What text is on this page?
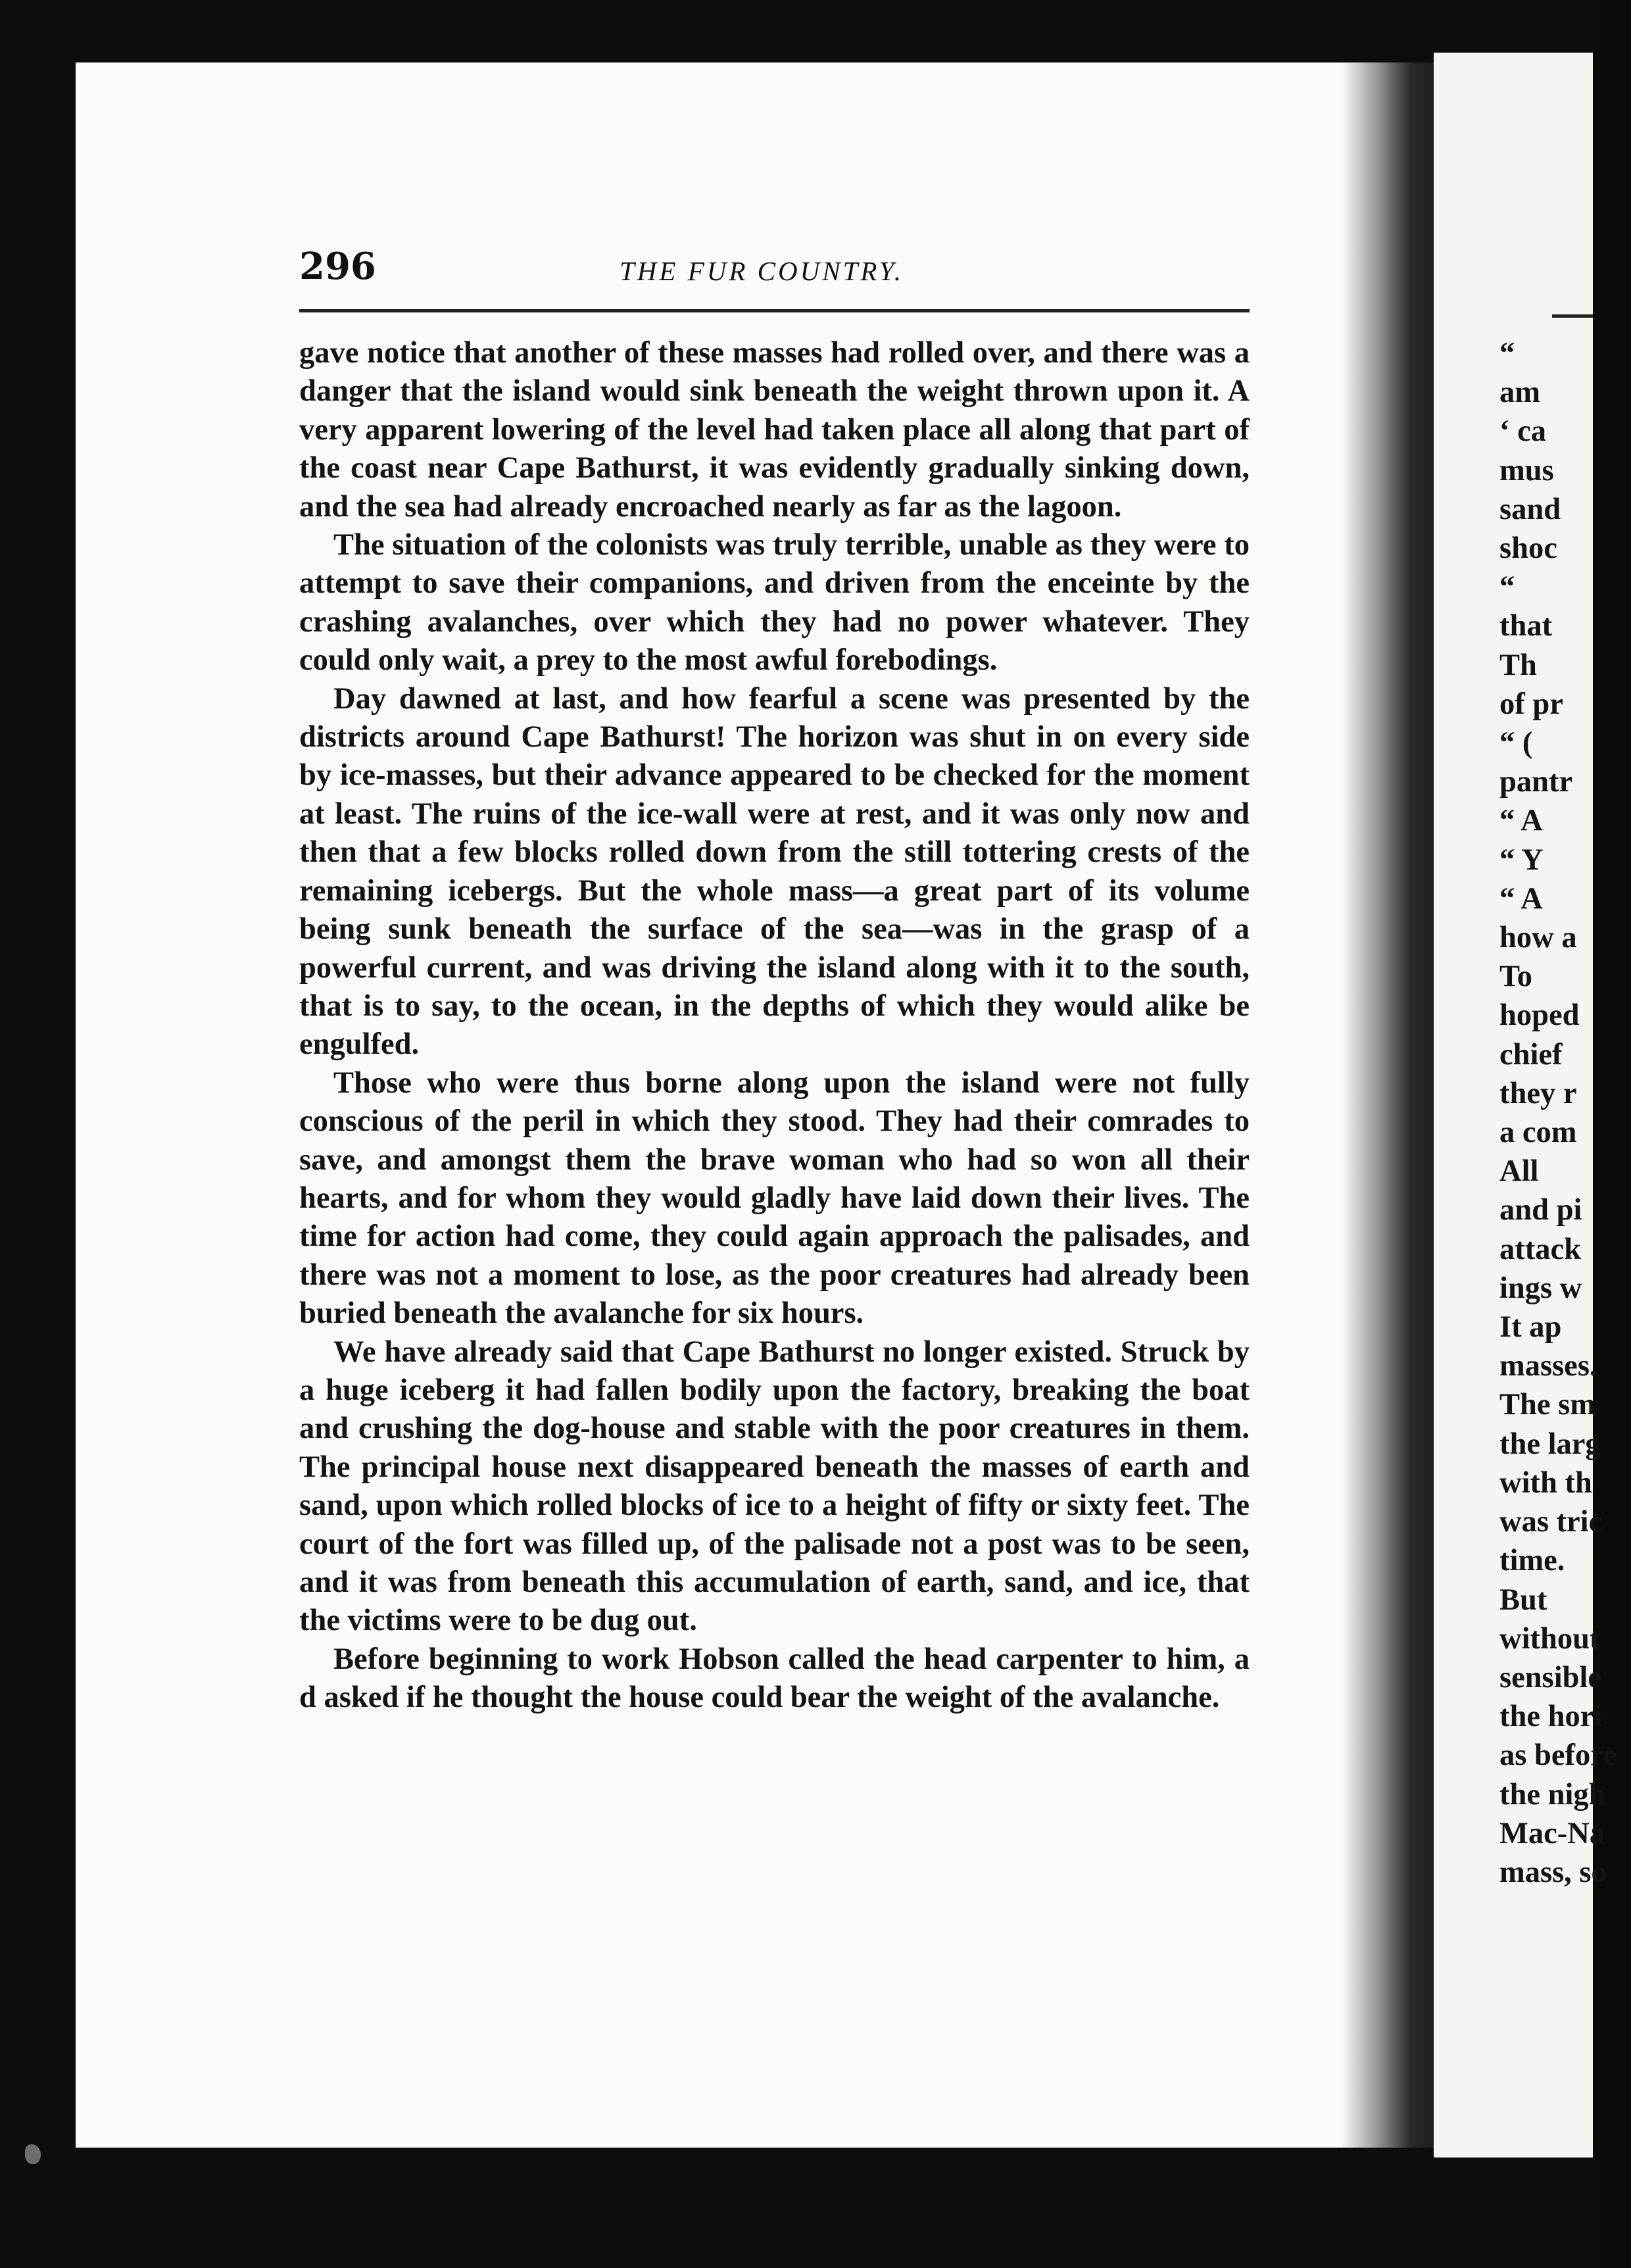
296	THE FUR COUNTRY.

gave notice that another of these masses had rolled over, and there was a danger that the island would sink beneath the weight thrown upon it. A very apparent lowering of the level had taken place all along that part of the coast near Cape Bathurst, it was evidently gradually sinking down, and the sea had already encroached nearly as far as the lagoon.

The situation of the colonists was truly terrible, unable as they were to attempt to save their companions, and driven from the enceinte by the crashing avalanches, over which they had no power whatever. They could only wait, a prey to the most awful forebodings.

Day dawned at last, and how fearful a scene was presented by the districts around Cape Bathurst! The horizon was shut in on every side by ice-masses, but their advance appeared to be checked for the moment at least. The ruins of the ice-wall were at rest, and it was only now and then that a few blocks rolled down from the still tottering crests of the remaining icebergs. But the whole mass—a great part of its volume being sunk beneath the surface of the sea—was in the grasp of a powerful current, and was driving the island along with it to the south, that is to say, to the ocean, in the depths of which they would alike be engulfed.

Those who were thus borne along upon the island were not fully conscious of the peril in which they stood. They had their comrades to save, and amongst them the brave woman who had so won all their hearts, and for whom they would gladly have laid down their lives. The time for action had come, they could again approach the palisades, and there was not a moment to lose, as the poor creatures had already been buried beneath the avalanche for six hours.

We have already said that Cape Bathurst no longer existed. Struck by a huge iceberg it had fallen bodily upon the factory, breaking the boat and crushing the dog-house and stable with the poor creatures in them. The principal house next disappeared beneath the masses of earth and sand, upon which rolled blocks of ice to a height of fifty or sixty feet. The court of the fort was filled up, of the palisade not a post was to be seen, and it was from beneath this accumulation of earth, sand, and ice, that the victims were to be dug out.

Before beginning to work Hobson called the head carpenter to him, a d asked if he thought the house could bear the weight of the avalanche.

“
am
‘ ca
mus
sand
shoc
“
that
Th
of pr
“ (
pantr
“ A
“ Y
“ A
how a
To
hoped
chief
they r
a com
All
and pi
attack
ings w
It ap
masses.
The sm
the larg
with th
was tric
time.
But
without
sensible
the hori
as before
the nigh
Mac-Na
mass, so
